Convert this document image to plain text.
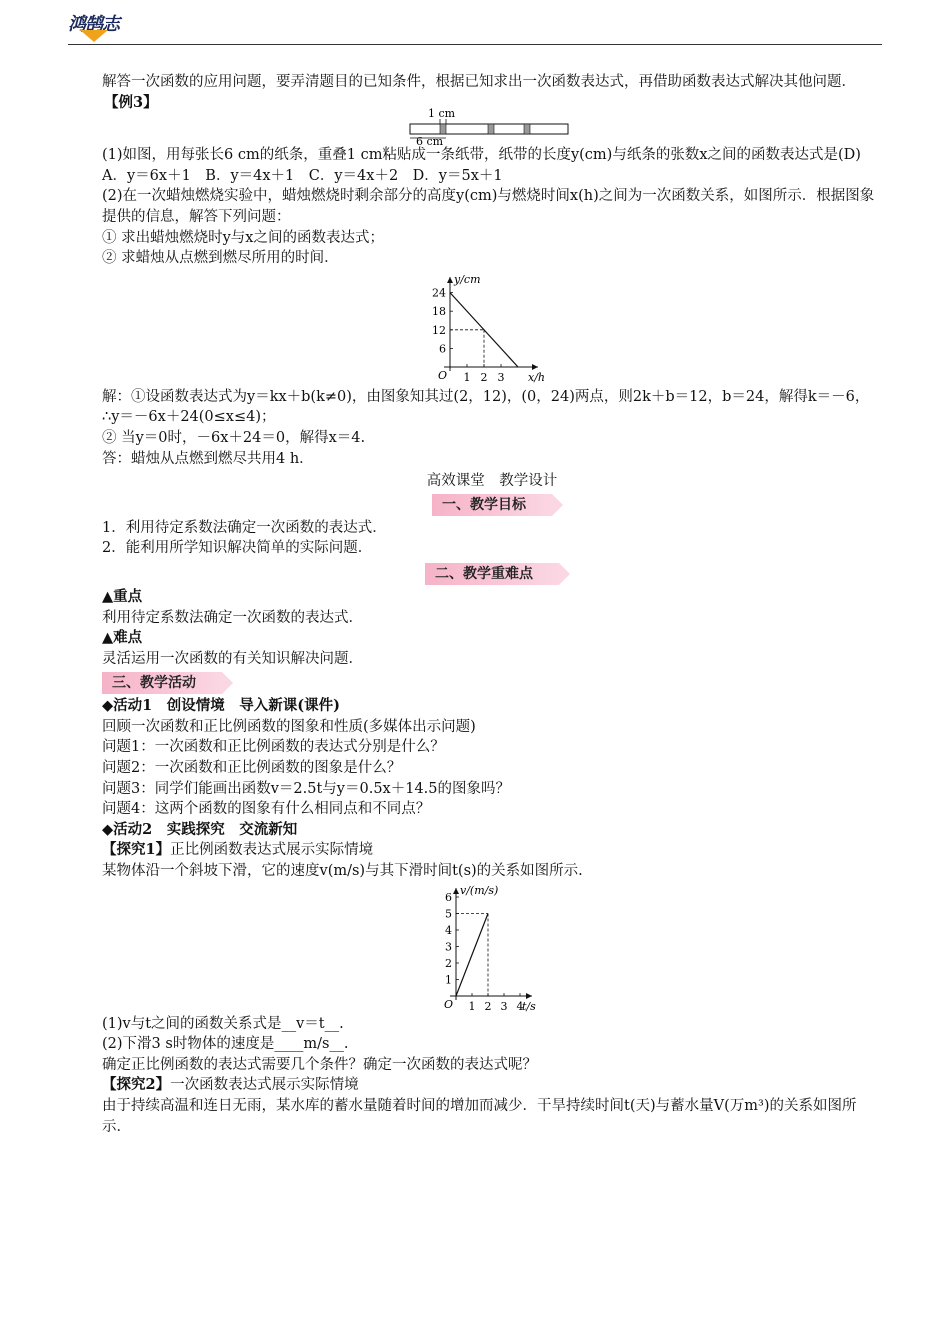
鸿鹄志

解答一次函数的应用问题，要弄清题目的已知条件，根据已知求出一次函数表达式，再借助函数表达式解决其他问题．

【例3】

1 cm
6 cm

(1)如图，用每张长6 cm的纸条，重叠1 cm粘贴成一条纸带，纸带的长度y(cm)与纸条的张数x之间的函数表达式是(D)

A．y＝6x＋1　B．y＝4x＋1　C．y＝4x＋2　D．y＝5x＋1

(2)在一次蜡烛燃烧实验中，蜡烛燃烧时剩余部分的高度y(cm)与燃烧时间x(h)之间为一次函数关系，如图所示．根据图象提供的信息，解答下列问题：

① 求出蜡烛燃烧时y与x之间的函数表达式；

② 求蜡烛从点燃到燃尽所用的时间．

y/cm
x/h
O
6
12
18
24
1 2 3

解：①设函数表达式为y＝kx＋b(k≠0)，由图象知其过(2，12)，(0，24)两点，则2k＋b＝12，b＝24，解得k＝－6，

∴y＝－6x＋24(0≤x≤4)；

② 当y＝0时，－6x＋24＝0，解得x＝4.

答：蜡烛从点燃到燃尽共用4 h．

高效课堂　教学设计

一、教学目标

1．利用待定系数法确定一次函数的表达式．

2．能利用所学知识解决简单的实际问题．

二、教学重难点

▲重点

利用待定系数法确定一次函数的表达式．

▲难点

灵活运用一次函数的有关知识解决问题．

三、教学活动

◆活动1　创设情境　导入新课(课件)

回顾一次函数和正比例函数的图象和性质(多媒体出示问题)

问题1：一次函数和正比例函数的表达式分别是什么？

问题2：一次函数和正比例函数的图象是什么？

问题3：同学们能画出函数v＝2.5t与y＝0.5x＋14.5的图象吗？

问题4：这两个函数的图象有什么相同点和不同点？

◆活动2　实践探究　交流新知

【探究1】正比例函数表达式展示实际情境

某物体沿一个斜坡下滑，它的速度v(m/s)与其下滑时间t(s)的关系如图所示.

v/(m/s)
t/s
O
1
2
3
4
5
6
1 2 3 4

(1)v与t之间的函数关系式是__v＝t__.

(2)下滑3 s时物体的速度是____m/s__.

确定正比例函数的表达式需要几个条件？确定一次函数的表达式呢？

【探究2】一次函数表达式展示实际情境

由于持续高温和连日无雨，某水库的蓄水量随着时间的增加而减少．干旱持续时间t(天)与蓄水量V(万m³)的关系如图所示．
